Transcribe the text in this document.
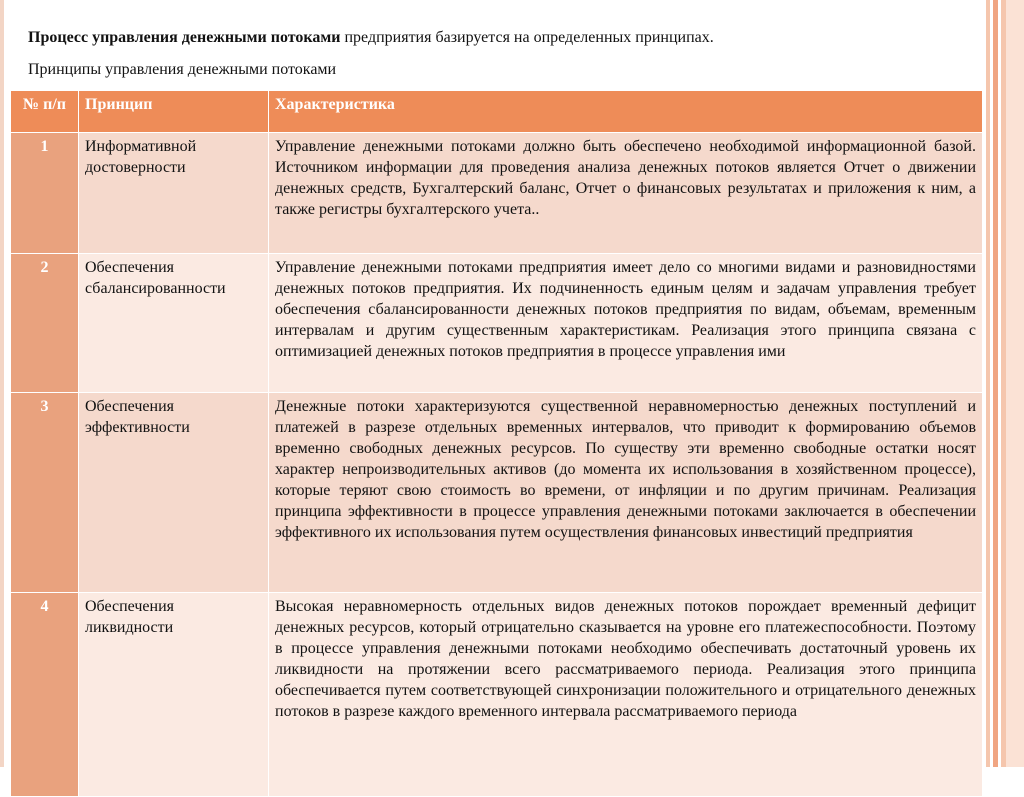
Процесс управления денежными потоками предприятия базируется на определенных принципах.
Принципы управления денежными потоками
№ п/п	Принцип	Характеристика
1	Информативной достоверности	Управление денежными потоками должно быть обеспечено необходимой информационной базой. Источником информации для проведения анализа денежных потоков является Отчет о движении денежных средств, Бухгалтерский баланс, Отчет о финансовых результатах и приложения к ним, а также регистры бухгалтерского учета..
2	Обеспечения сбалансированности	Управление денежными потоками предприятия имеет дело со многими видами и разновидностями денежных потоков предприятия. Их подчиненность единым целям и задачам управления требует обеспечения сбалансированности денежных потоков предприятия по видам, объемам, временным интервалам и другим существенным характеристикам. Реализация этого принципа связана с оптимизацией денежных потоков предприятия в процессе управления ими
3	Обеспечения эффективности	Денежные потоки характеризуются существенной неравномерностью денежных поступлений и платежей в разрезе отдельных временных интервалов, что приводит к формированию объемов временно свободных денежных ресурсов. По существу эти временно свободные остатки носят характер непроизводительных активов (до момента их использования в хозяйственном процессе), которые теряют свою стоимость во времени, от инфляции и по другим причинам. Реализация принципа эффективности в процессе управления денежными потоками заключается в обеспечении эффективного их использования путем осуществления финансовых инвестиций предприятия
4	Обеспечения ликвидности	Высокая неравномерность отдельных видов денежных потоков порождает временный дефицит денежных ресурсов, который отрицательно сказывается на уровне его платежеспособности. Поэтому в процессе управления денежными потоками необходимо обеспечивать достаточный уровень их ликвидности на протяжении всего рассматриваемого периода. Реализация этого принципа обеспечивается путем соответствующей синхронизации положительного и отрицательного денежных потоков в разрезе каждого временного интервала рассматриваемого периода
